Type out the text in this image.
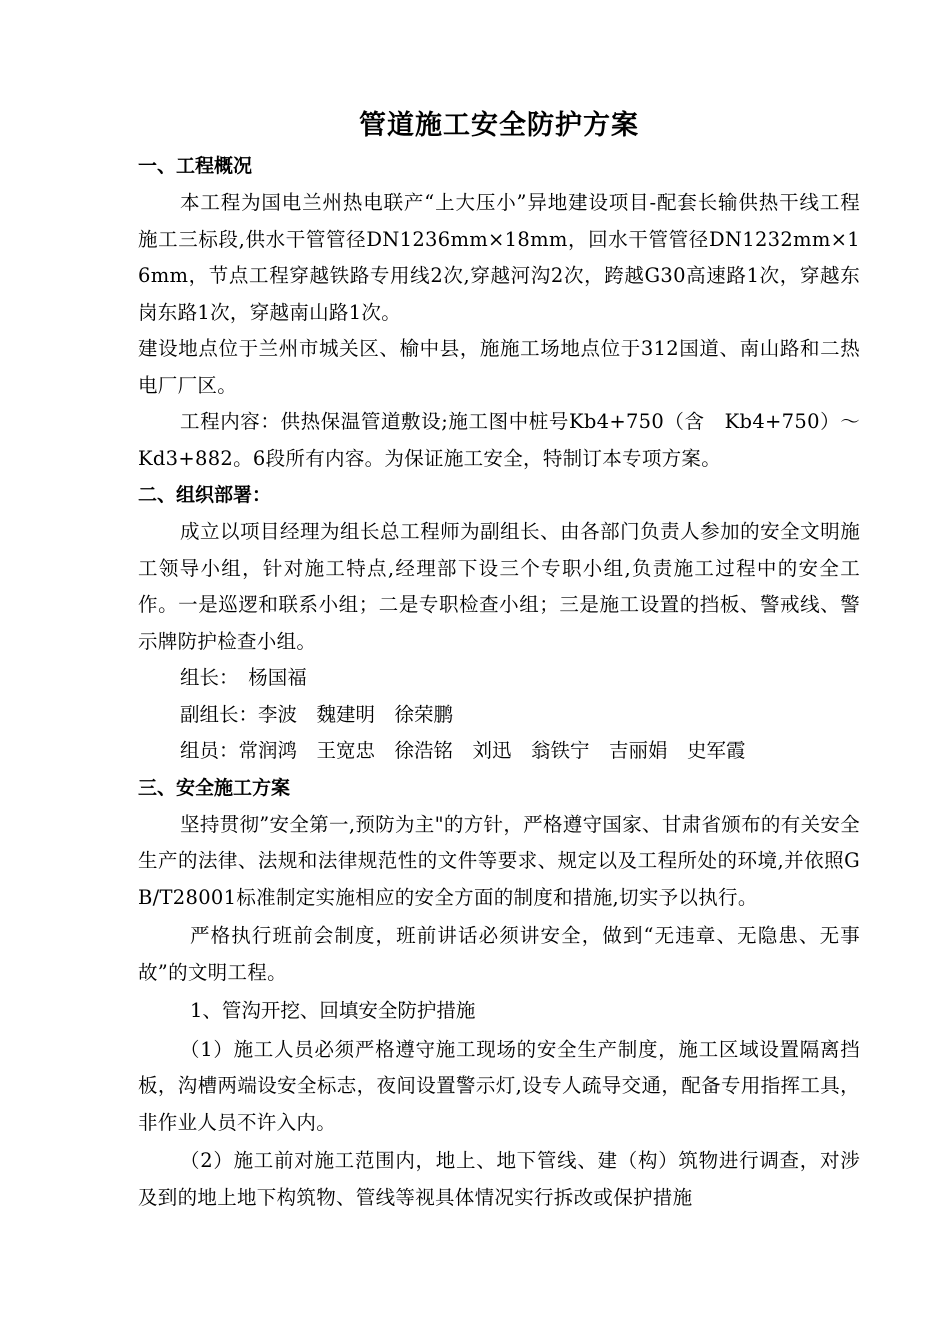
管道施工安全防护方案
一、工程概况

本工程为国电兰州热电联产“上大压小”异地建设项目-配套长输供热干线工程施工三标段,供水干管管径DN1236mm×18mm，回水干管管径DN1232mm×16mm，节点工程穿越铁路专用线2次,穿越河沟2次，跨越G30高速路1次，穿越东岗东路1次，穿越南山路1次。

建设地点位于兰州市城关区、榆中县，施施工场地点位于312国道、南山路和二热电厂厂区。

工程内容：供热保温管道敷设;施工图中桩号Kb4+750（含　Kb4+750）～Kd3+882。6段所有内容。为保证施工安全，特制订本专项方案。

二、组织部署：

成立以项目经理为组长总工程师为副组长、由各部门负责人参加的安全文明施工领导小组，针对施工特点,经理部下设三个专职小组,负责施工过程中的安全工作。一是巡逻和联系小组；二是专职检查小组；三是施工设置的挡板、警戒线、警示牌防护检查小组。

组长：　杨国福

副组长：李波　魏建明　徐荣鹏

组员：常润鸿　王宽忠　徐浩铭　刘迅　翁铁宁　吉丽娟　史军霞

三、安全施工方案

坚持贯彻”安全第一,预防为主"的方针，严格遵守国家、甘肃省颁布的有关安全生产的法律、法规和法律规范性的文件等要求、规定以及工程所处的环境,并依照GB/T28001标准制定实施相应的安全方面的制度和措施,切实予以执行。

严格执行班前会制度，班前讲话必须讲安全，做到“无违章、无隐患、无事故”的文明工程。

1、管沟开挖、回填安全防护措施

（1）施工人员必须严格遵守施工现场的安全生产制度，施工区域设置隔离挡板，沟槽两端设安全标志，夜间设置警示灯,设专人疏导交通，配备专用指挥工具，非作业人员不许入内。

（2）施工前对施工范围内，地上、地下管线、建（构）筑物进行调查，对涉及到的地上地下构筑物、管线等视具体情况实行拆改或保护措施
